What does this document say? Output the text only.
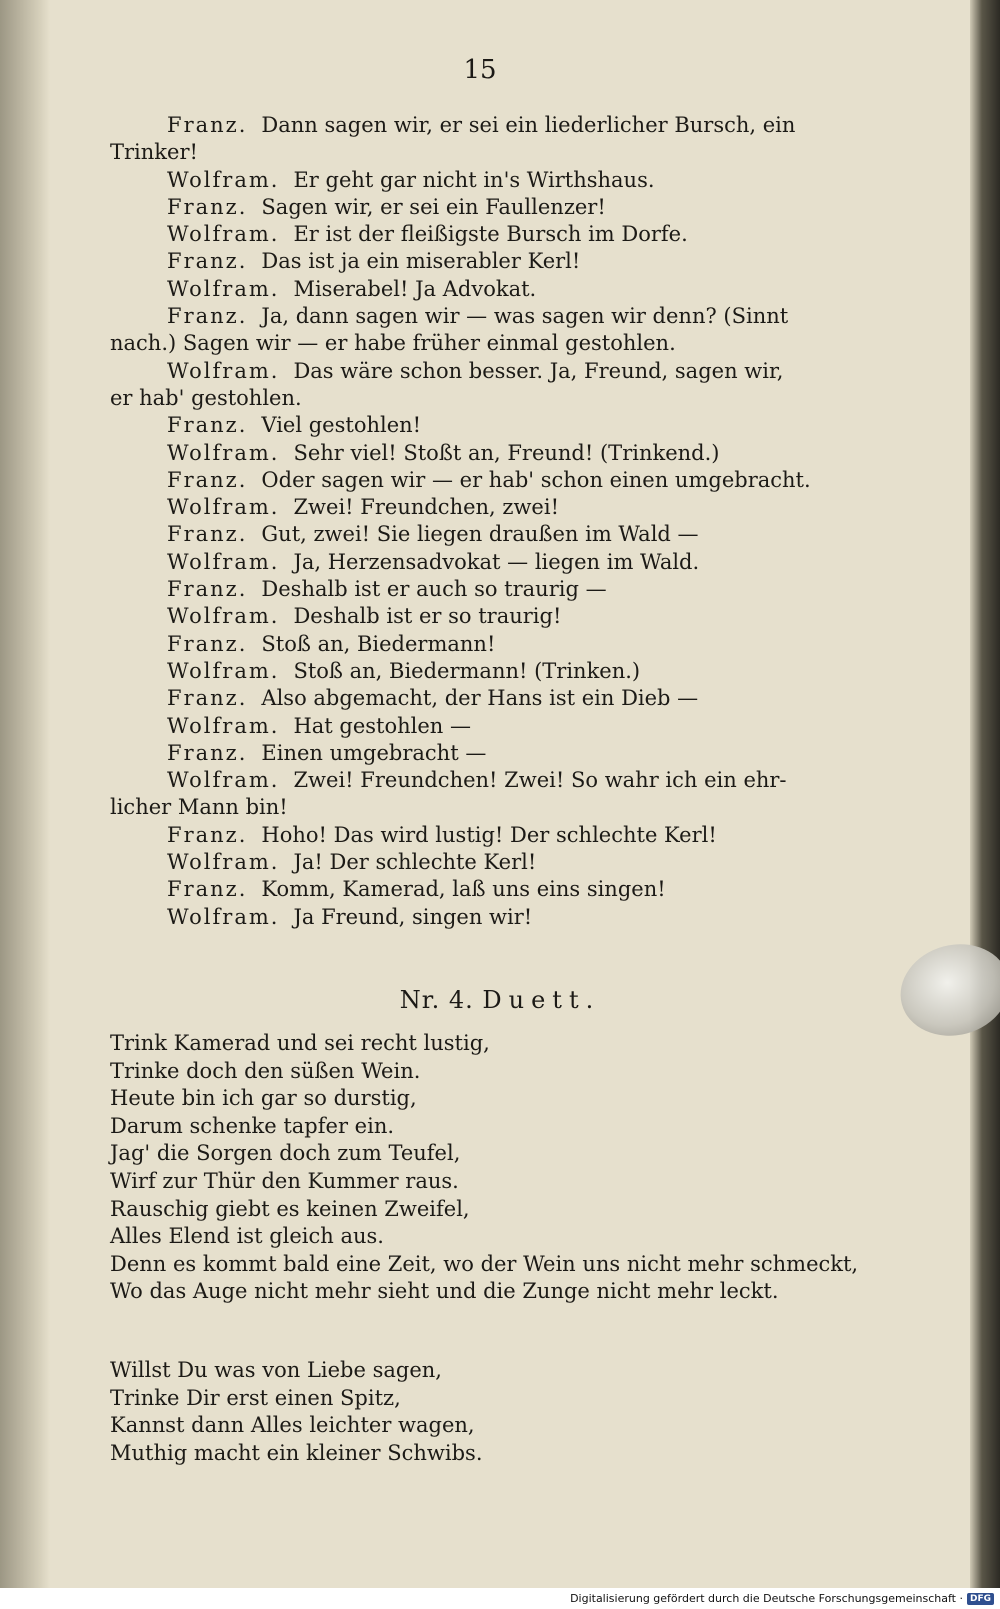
15

Franz. Dann sagen wir, er sei ein liederlicher Bursch, ein

Trinker!

Wolfram. Er geht gar nicht in's Wirthshaus.

Franz. Sagen wir, er sei ein Faullenzer!

Wolfram. Er ist der fleißigste Bursch im Dorfe.

Franz. Das ist ja ein miserabler Kerl!

Wolfram. Miserabel! Ja Advokat.

Franz. Ja, dann sagen wir — was sagen wir denn? (Sinnt

nach.) Sagen wir — er habe früher einmal gestohlen.

Wolfram. Das wäre schon besser. Ja, Freund, sagen wir,

er hab' gestohlen.

Franz. Viel gestohlen!

Wolfram. Sehr viel! Stoßt an, Freund! (Trinkend.)

Franz. Oder sagen wir — er hab' schon einen umgebracht.

Wolfram. Zwei! Freundchen, zwei!

Franz. Gut, zwei! Sie liegen draußen im Wald —

Wolfram. Ja, Herzensadvokat — liegen im Wald.

Franz. Deshalb ist er auch so traurig —

Wolfram. Deshalb ist er so traurig!

Franz. Stoß an, Biedermann!

Wolfram. Stoß an, Biedermann! (Trinken.)

Franz. Also abgemacht, der Hans ist ein Dieb —

Wolfram. Hat gestohlen —

Franz. Einen umgebracht —

Wolfram. Zwei! Freundchen! Zwei! So wahr ich ein ehr-

licher Mann bin!

Franz. Hoho! Das wird lustig! Der schlechte Kerl!

Wolfram. Ja! Der schlechte Kerl!

Franz. Komm, Kamerad, laß uns eins singen!

Wolfram. Ja Freund, singen wir!

Nr. 4. Duett.

Trink Kamerad und sei recht lustig,

Trinke doch den süßen Wein.

Heute bin ich gar so durstig,

Darum schenke tapfer ein.

Jag' die Sorgen doch zum Teufel,

Wirf zur Thür den Kummer raus.

Rauschig giebt es keinen Zweifel,

Alles Elend ist gleich aus.

Denn es kommt bald eine Zeit, wo der Wein uns nicht mehr schmeckt,

Wo das Auge nicht mehr sieht und die Zunge nicht mehr leckt.

Willst Du was von Liebe sagen,

Trinke Dir erst einen Spitz,

Kannst dann Alles leichter wagen,

Muthig macht ein kleiner Schwibs.

Digitalisierung gefördert durch die Deutsche Forschungsgemeinschaft · DFG
